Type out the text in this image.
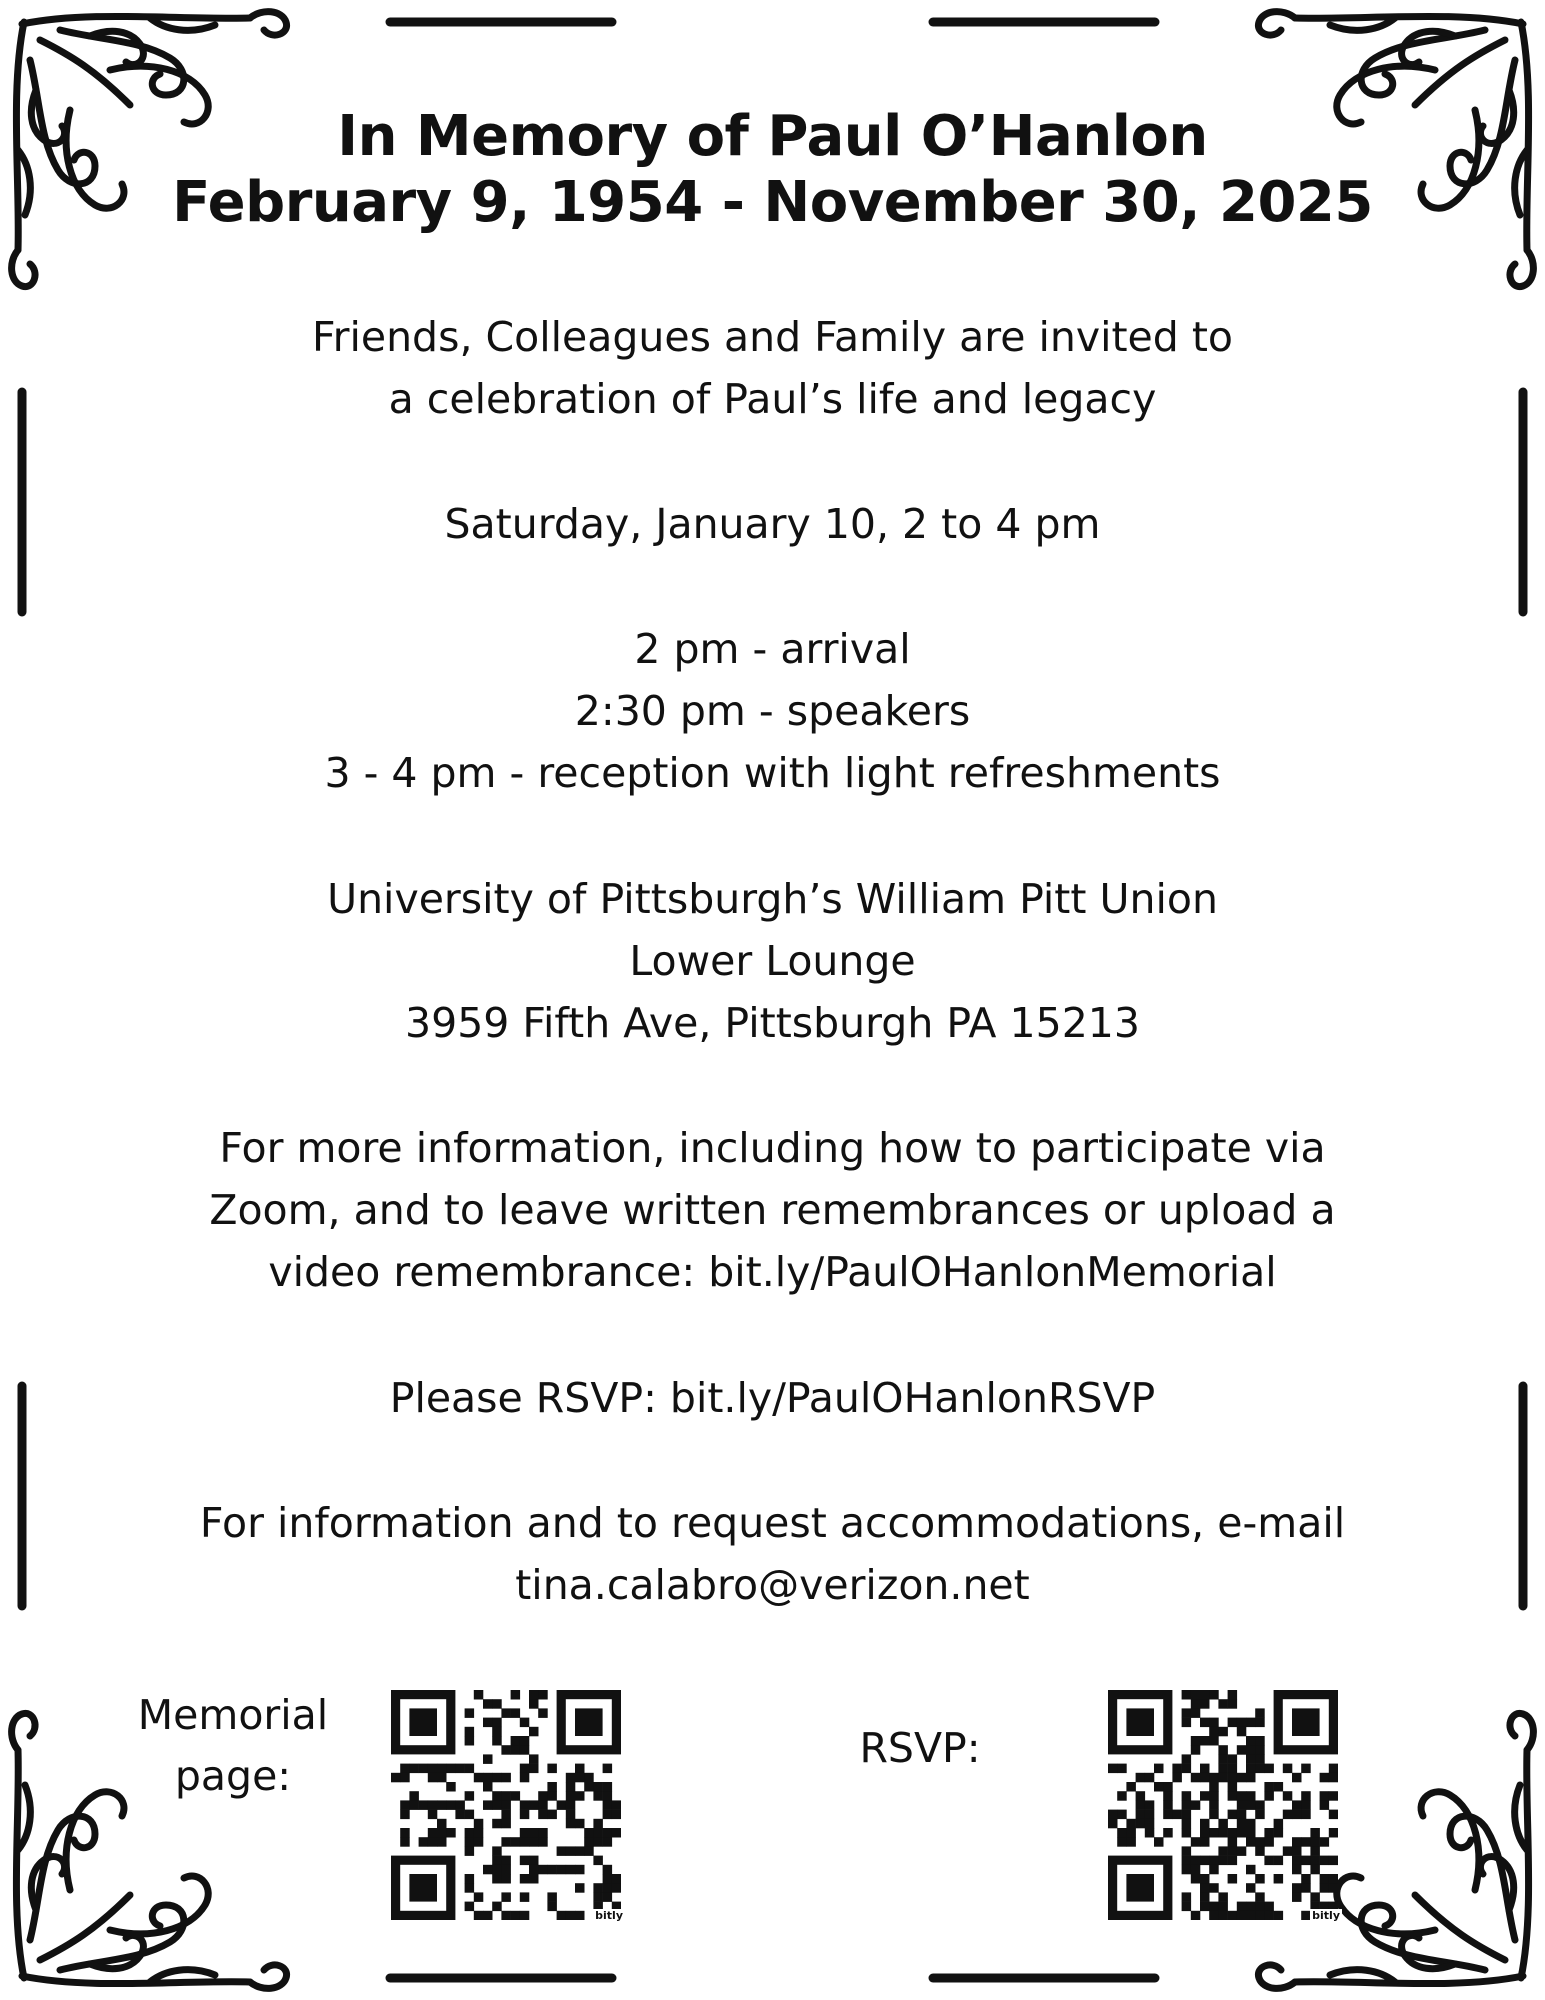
In Memory of Paul O’Hanlon
February 9, 1954 - November 30, 2025
Friends, Colleagues and Family are invited to
a celebration of Paul’s life and legacy
Saturday, January 10, 2 to 4 pm
2 pm - arrival
2:30 pm - speakers
3 - 4 pm - reception with light refreshments
University of Pittsburgh’s William Pitt Union
Lower Lounge
3959 Fifth Ave, Pittsburgh PA 15213
For more information, including how to participate via
Zoom, and to leave written remembrances or upload a
video remembrance: bit.ly/PaulOHanlonMemorial
Please RSVP: bit.ly/PaulOHanlonRSVP
For information and to request accommodations, e-mail
tina.calabro@verizon.net
Memorial
page:
RSVP:
bitly	bitly
